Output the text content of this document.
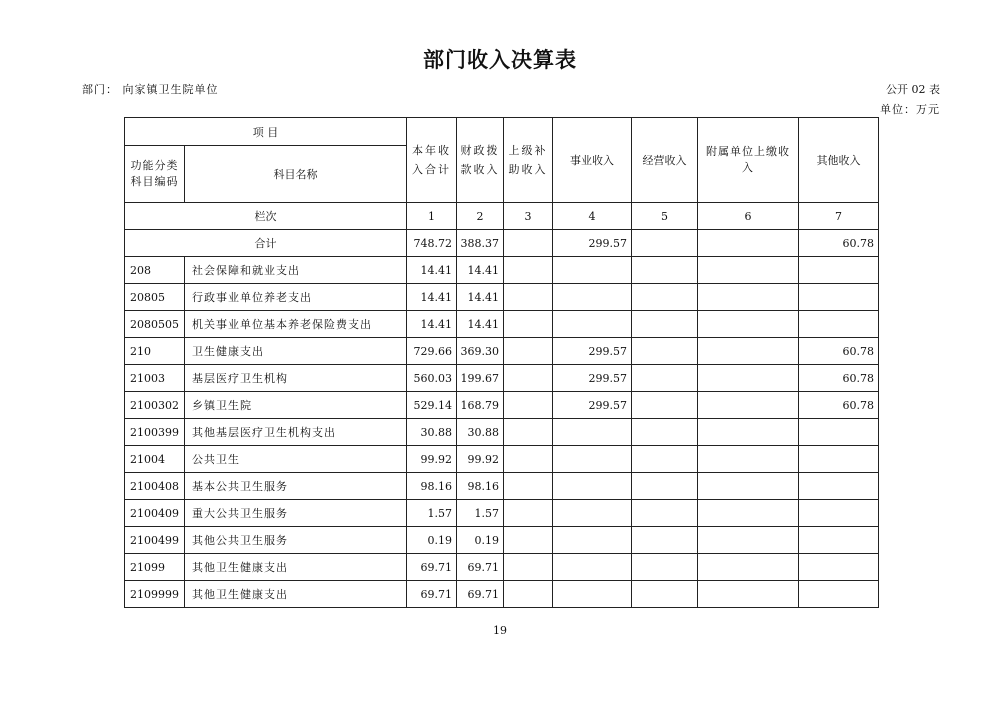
部门收入决算表
部门： 向家镇卫生院单位	公开 02 表
单位：万元
项 目		本年收入合计	财政拨款收入	上级补助收入	事业收入	经营收入	附属单位上缴收入	其他收入
功能分类科目编码	科目名称							
栏次		1	2	3	4	5	6	7
合计		748.72	388.37		299.57			60.78
208	社会保障和就业支出	14.41	14.41					
20805	行政事业单位养老支出	14.41	14.41					
2080505	机关事业单位基本养老保险费支出	14.41	14.41					
210	卫生健康支出	729.66	369.30		299.57			60.78
21003	基层医疗卫生机构	560.03	199.67		299.57			60.78
2100302	乡镇卫生院	529.14	168.79		299.57			60.78
2100399	其他基层医疗卫生机构支出	30.88	30.88					
21004	公共卫生	99.92	99.92					
2100408	基本公共卫生服务	98.16	98.16					
2100409	重大公共卫生服务	1.57	1.57					
2100499	其他公共卫生服务	0.19	0.19					
21099	其他卫生健康支出	69.71	69.71					
2109999	其他卫生健康支出	69.71	69.71					
19
